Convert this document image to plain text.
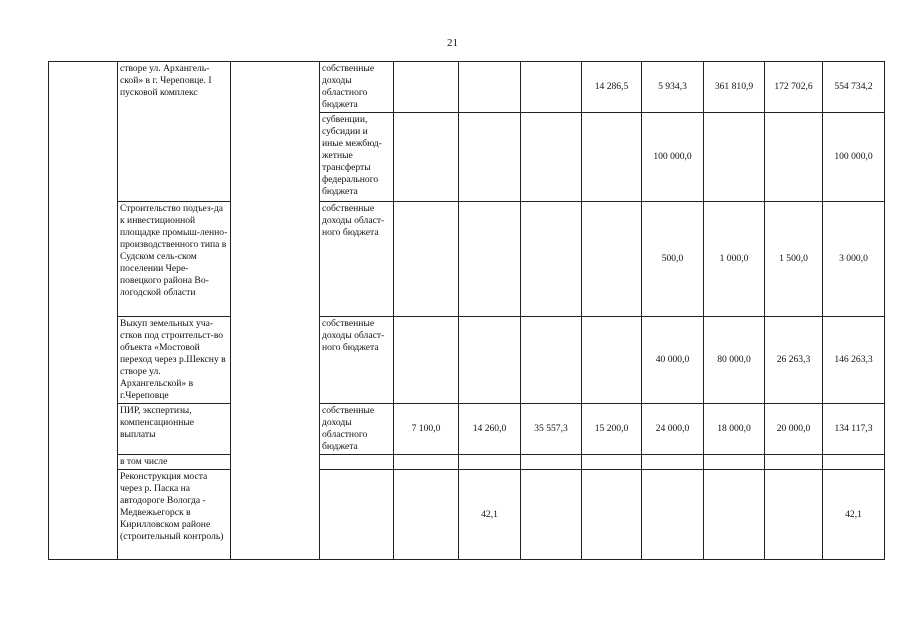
21
	створе ул. Архангель-ской» в г. Череповце. I пусковой комплекс		собственные доходы областного бюджета				14 286,5	5 934,3	361 810,9	172 702,6	554 734,2
			субвенции, субсидии и иные межбюд-жетные трансферты федерального бюджета					100 000,0			100 000,0
	Строительство подъез-да к инвестиционной площадке промыш-ленно-производственного типа в Судском сель-ском поселении Чере-повецкого района Во-логодской области		собственные доходы област-ного бюджета					500,0	1 000,0	1 500,0	3 000,0
	Выкуп земельных уча-стков под строительст-во объекта «Мостовой переход через р.Шексну в створе ул. Архангельской» в г.Череповце		собственные доходы област-ного бюджета					40 000,0	80 000,0	26 263,3	146 263,3
	ПИР, экспертизы, компенсационные выплаты		собственные доходы областного бюджета	7 100,0	14 260,0	35 557,3	15 200,0	24 000,0	18 000,0	20 000,0	134 117,3
	в том числе										
	Реконструкция моста через р. Паска на автодороге Вологда - Медвежьегорск в Кирилловском районе (строительный контроль)				42,1						42,1
